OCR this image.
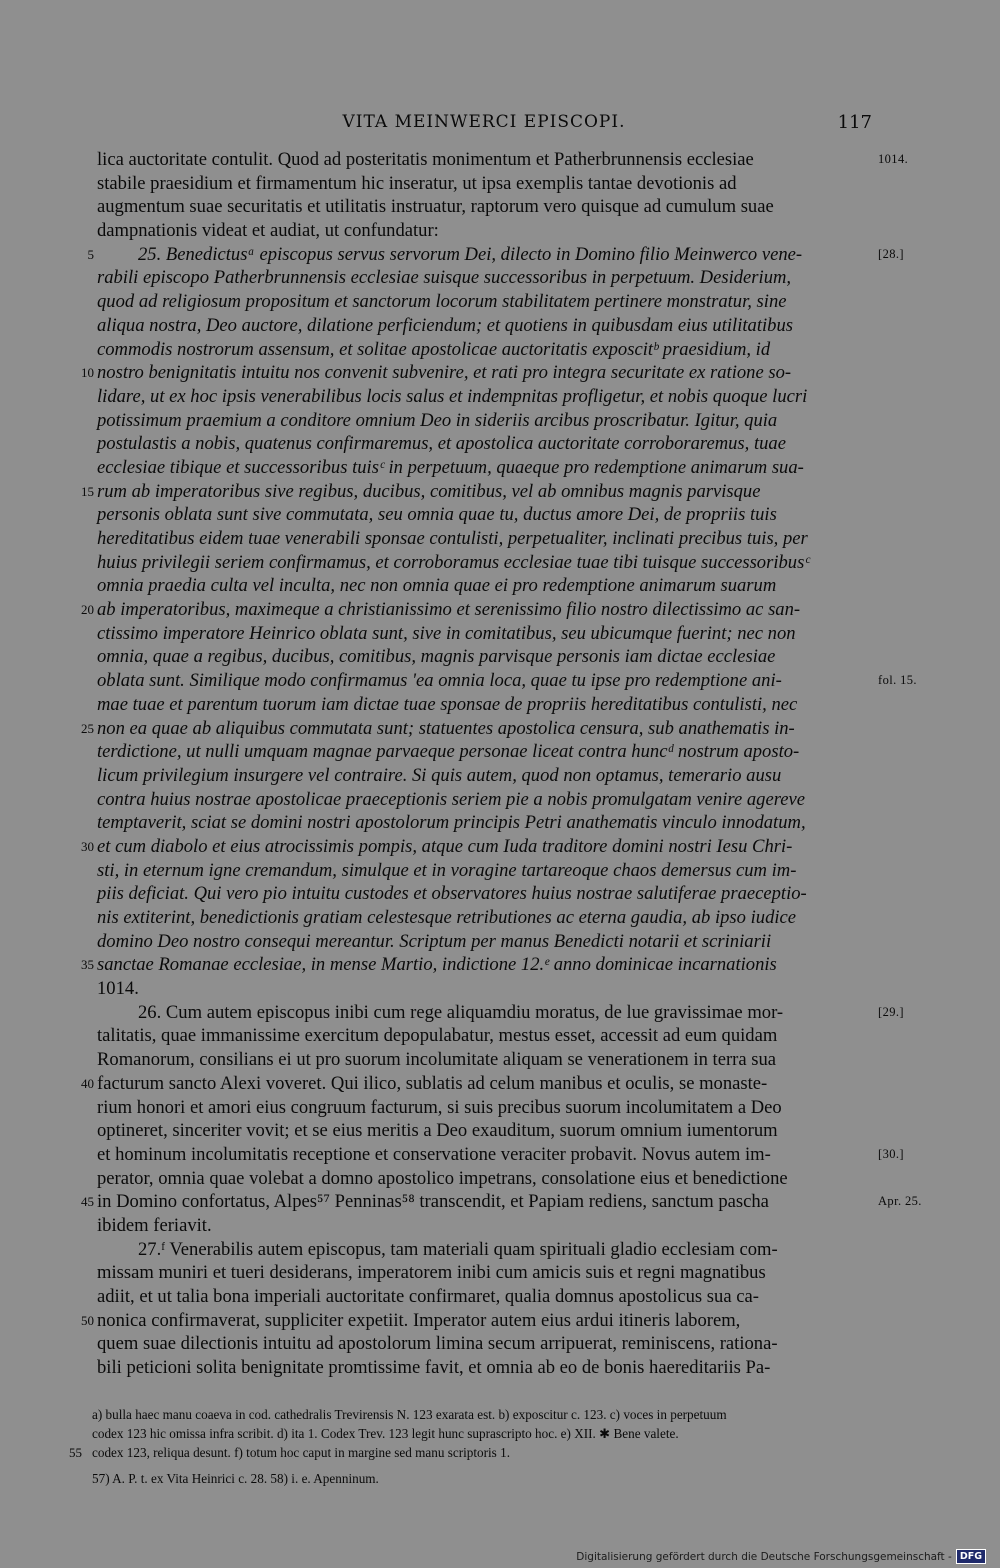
VITA MEINWERCI EPISCOPI.	117
lica auctoritate contulit. Quod ad posteritatis monimentum et Patherbrunnensis ecclesiae	1014.
stabile praesidium et firmamentum hic inseratur, ut ipsa exemplis tantae devotionis ad
augmentum suae securitatis et utilitatis instruatur, raptorum vero quisque ad cumulum suae
dampnationis videat et audiat, ut confundatur:
5 25. Benedictusᵃ episcopus servus servorum Dei, dilecto in Domino filio Meinwerco vene-	[28.]
rabili episcopo Patherbrunnensis ecclesiae suisque successoribus in perpetuum. Desiderium,
quod ad religiosum propositum et sanctorum locorum stabilitatem pertinere monstratur, sine
aliqua nostra, Deo auctore, dilatione perficiendum; et quotiens in quibusdam eius utilitatibus
commodis nostrorum assensum, et solitae apostolicae auctoritatis exposcitᵇ praesidium, id
10 nostro benignitatis intuitu nos convenit subvenire, et rati pro integra securitate ex ratione so-
lidare, ut ex hoc ipsis venerabilibus locis salus et indempnitas profligetur, et nobis quoque lucri
potissimum praemium a conditore omnium Deo in sideriis arcibus proscribatur. Igitur, quia
postulastis a nobis, quatenus confirmaremus, et apostolica auctoritate corroboraremus, tuae
ecclesiae tibique et successoribus tuisᶜ in perpetuum, quaeque pro redemptione animarum sua-
15 rum ab imperatoribus sive regibus, ducibus, comitibus, vel ab omnibus magnis parvisque
personis oblata sunt sive commutata, seu omnia quae tu, ductus amore Dei, de propriis tuis
hereditatibus eidem tuae venerabili sponsae contulisti, perpetualiter, inclinati precibus tuis, per
huius privilegii seriem confirmamus, et corroboramus ecclesiae tuae tibi tuisque successoribusᶜ
omnia praedia culta vel inculta, nec non omnia quae ei pro redemptione animarum suarum
20 ab imperatoribus, maximeque a christianissimo et serenissimo filio nostro dilectissimo ac san-
ctissimo imperatore Heinrico oblata sunt, sive in comitatibus, seu ubicumque fuerint; nec non
omnia, quae a regibus, ducibus, comitibus, magnis parvisque personis iam dictae ecclesiae
oblata sunt. Similique modo confirmamus 'ea omnia loca, quae tu ipse pro redemptione ani-	fol. 15.
mae tuae et parentum tuorum iam dictae tuae sponsae de propriis hereditatibus contulisti, nec
25 non ea quae ab aliquibus commutata sunt; statuentes apostolica censura, sub anathematis in-
terdictione, ut nulli umquam magnae parvaeque personae liceat contra huncᵈ nostrum aposto-
licum privilegium insurgere vel contraire. Si quis autem, quod non optamus, temerario ausu
contra huius nostrae apostolicae praeceptionis seriem pie a nobis promulgatam venire agereve
temptaverit, sciat se domini nostri apostolorum principis Petri anathematis vinculo innodatum,
30 et cum diabolo et eius atrocissimis pompis, atque cum Iuda traditore domini nostri Iesu Chri-
sti, in eternum igne cremandum, simulque et in voragine tartareoque chaos demersus cum im-
piis deficiat. Qui vero pio intuitu custodes et observatores huius nostrae salutiferae praeceptio-
nis extiterint, benedictionis gratiam celestesque retributiones ac eterna gaudia, ab ipso iudice
domino Deo nostro consequi mereantur. Scriptum per manus Benedicti notarii et scriniarii
35 sanctae Romanae ecclesiae, in mense Martio, indictione 12.ᵉ anno dominicae incarnationis
1014.
26. Cum autem episcopus inibi cum rege aliquamdiu moratus, de lue gravissimae mor-	[29.]
talitatis, quae immanissime exercitum depopulabatur, mestus esset, accessit ad eum quidam
Romanorum, consilians ei ut pro suorum incolumitate aliquam se venerationem in terra sua
40 facturum sancto Alexi voveret. Qui ilico, sublatis ad celum manibus et oculis, se monaste-
rium honori et amori eius congruum facturum, si suis precibus suorum incolumitatem a Deo
optineret, sinceriter vovit; et se eius meritis a Deo exauditum, suorum omnium iumentorum
et hominum incolumitatis receptione et conservatione veraciter probavit. Novus autem im-	[30.]
perator, omnia quae volebat a domno apostolico impetrans, consolatione eius et benedictione
45 in Domino confortatus, Alpes⁵⁷ Penninas⁵⁸ transcendit, et Papiam rediens, sanctum pascha	Apr. 25.
ibidem feriavit.
27.ᶠ Venerabilis autem episcopus, tam materiali quam spirituali gladio ecclesiam com-
missam muniri et tueri desiderans, imperatorem inibi cum amicis suis et regni magnatibus
adiit, et ut talia bona imperiali auctoritate confirmaret, qualia domnus apostolicus sua ca-
50 nonica confirmaverat, suppliciter expetiit. Imperator autem eius ardui itineris laborem,
quem suae dilectionis intuitu ad apostolorum limina secum arripuerat, reminiscens, rationa-
bili peticioni solita benignitate promtissime favit, et omnia ab eo de bonis haereditariis Pa-
a) bulla haec manu coaeva in cod. cathedralis Trevirensis N. 123 exarata est. b) exposcitur c. 123. c) voces in perpetuum
codex 123 hic omissa infra scribit. d) ita 1. Codex Trev. 123 legit hunc suprascripto hoc. e) XII. ✱ Bene valete.
55 codex 123, reliqua desunt. f) totum hoc caput in margine sed manu scriptoris 1.
57) A. P. t. ex Vita Heinrici c. 28. 58) i. e. Apenninum.
Digitalisierung gefördert durch die Deutsche Forschungsgemeinschaft - DFG
